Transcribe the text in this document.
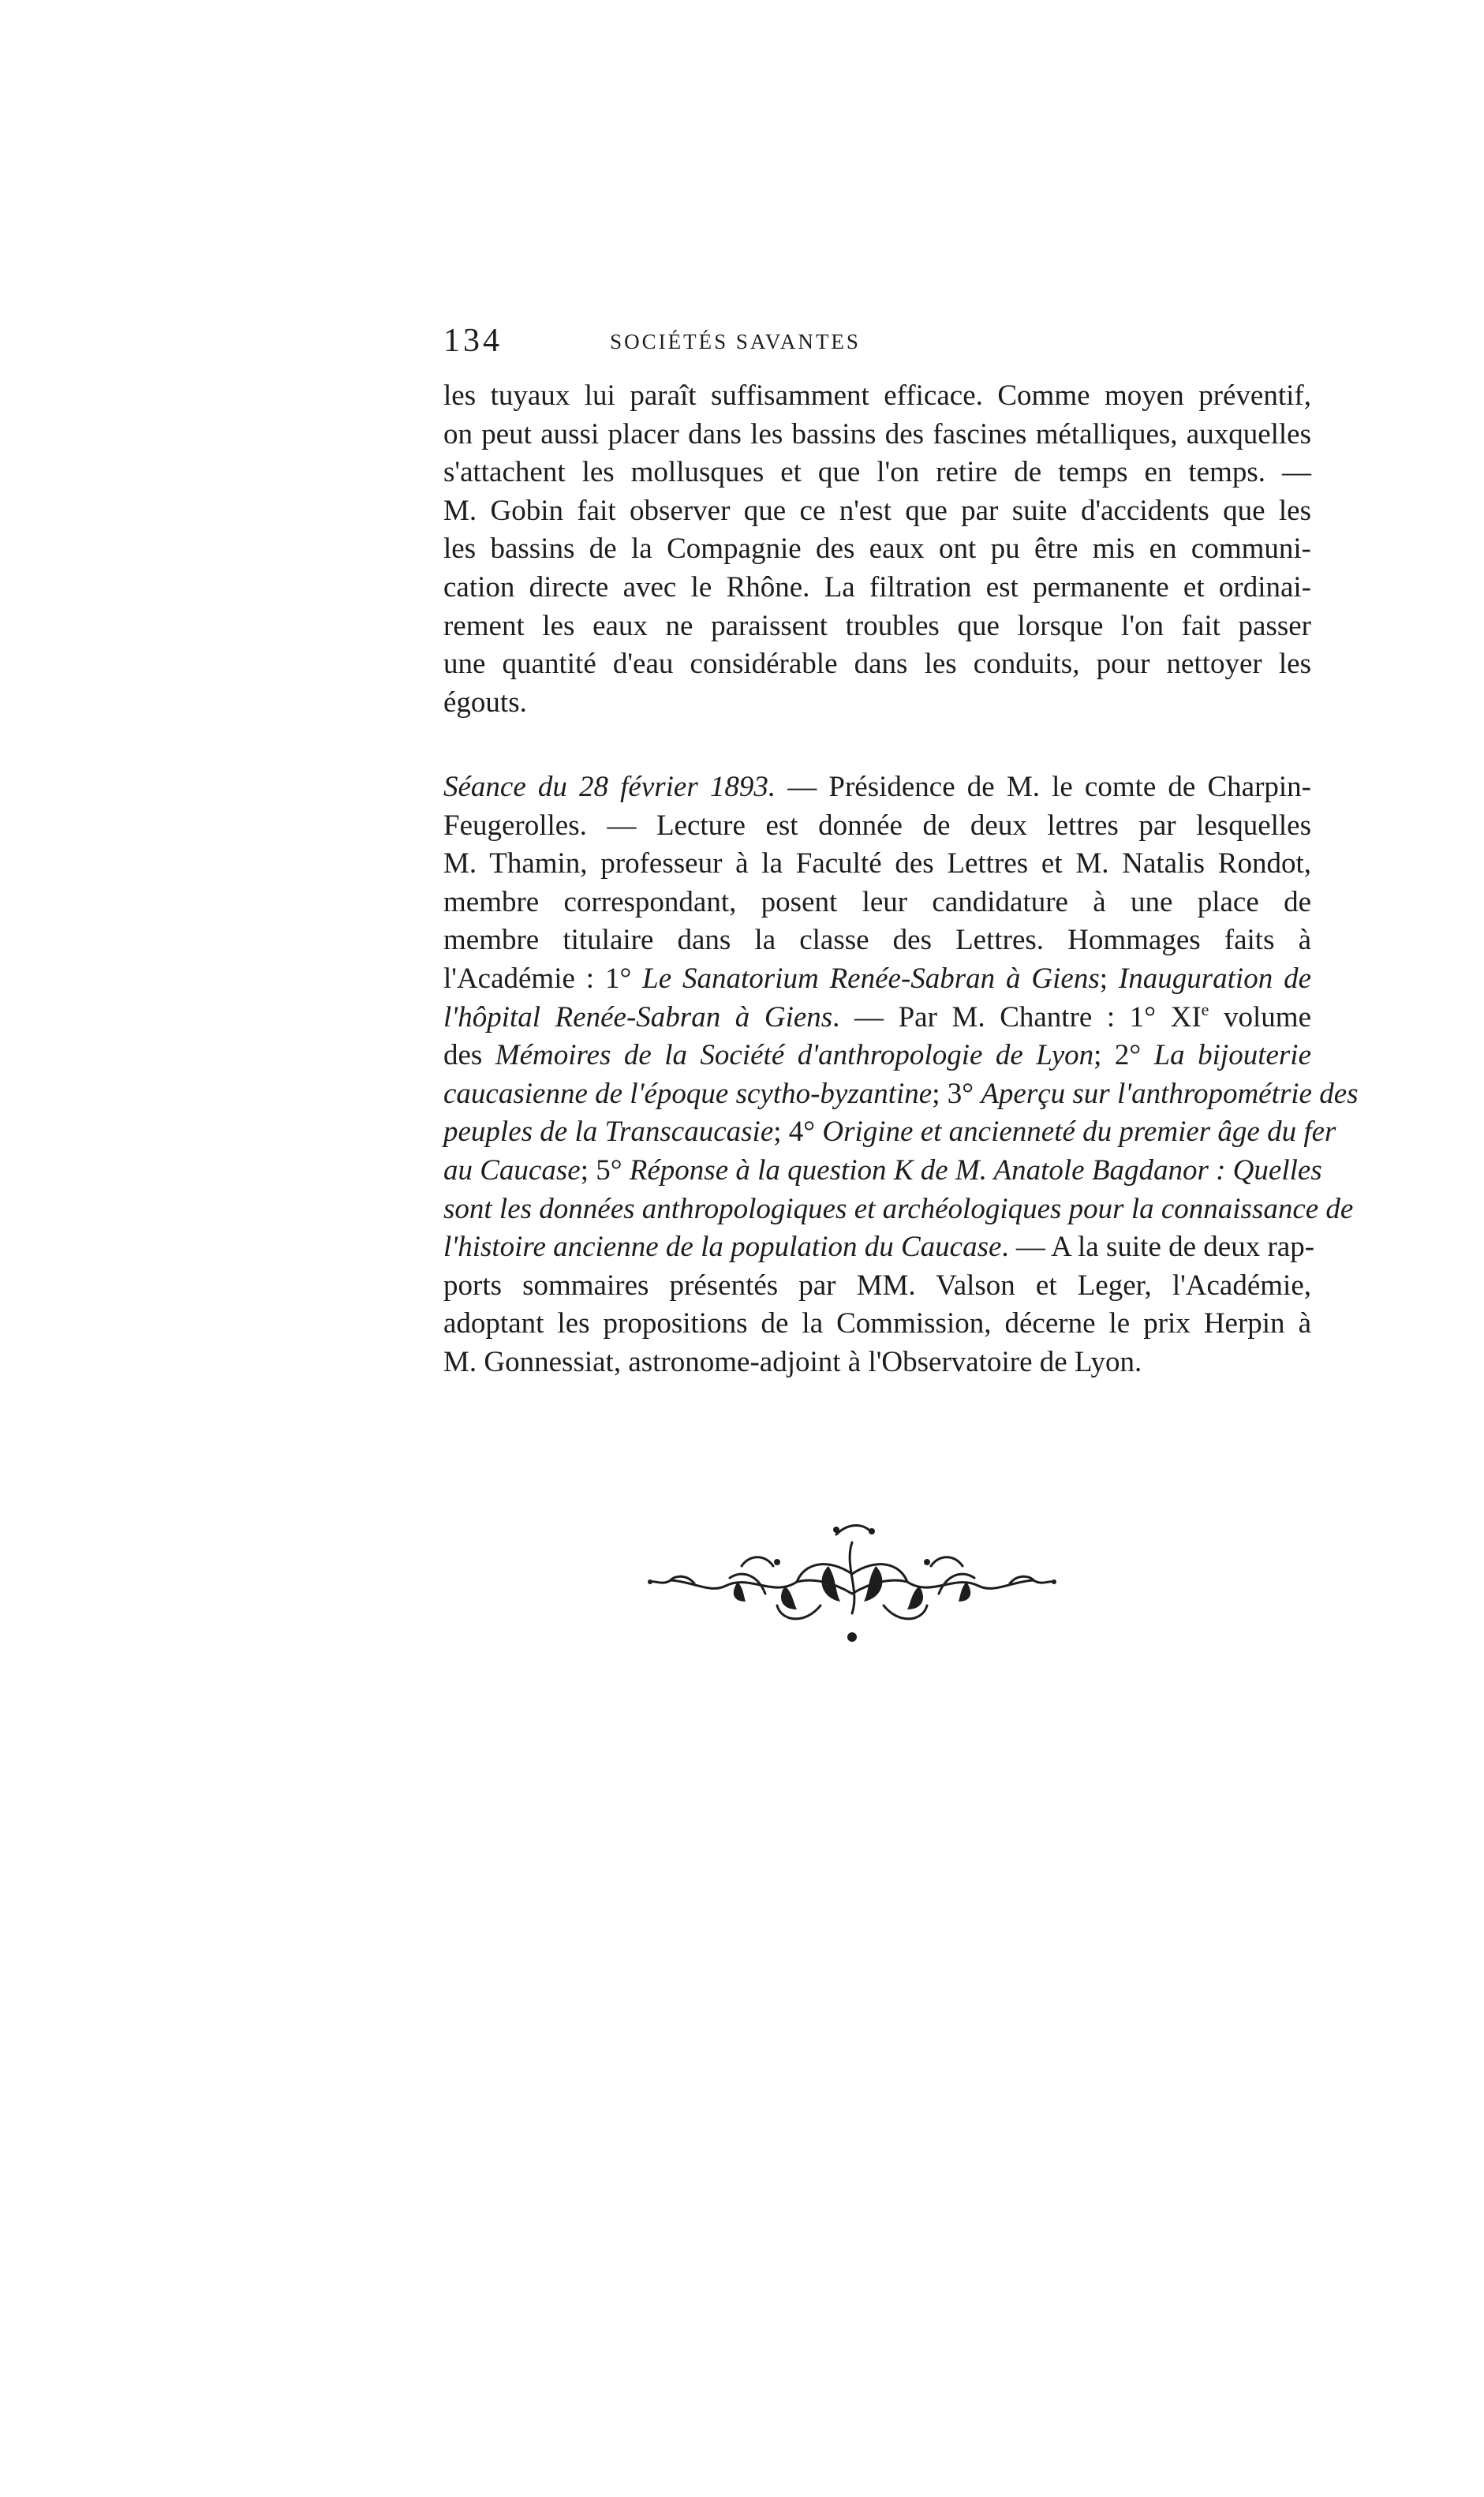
134	SOCIÉTÉS SAVANTES
les tuyaux lui paraît suffisamment efficace. Comme moyen préventif,
on peut aussi placer dans les bassins des fascines métalliques, auxquelles
s'attachent les mollusques et que l'on retire de temps en temps. —
M. Gobin fait observer que ce n'est que par suite d'accidents que les
les bassins de la Compagnie des eaux ont pu être mis en communi-
cation directe avec le Rhône. La filtration est permanente et ordinai-
rement les eaux ne paraissent troubles que lorsque l'on fait passer
une quantité d'eau considérable dans les conduits, pour nettoyer les
égouts.
Séance du 28 février 1893. — Présidence de M. le comte de Charpin-
Feugerolles. — Lecture est donnée de deux lettres par lesquelles
M. Thamin, professeur à la Faculté des Lettres et M. Natalis Rondot,
membre correspondant, posent leur candidature à une place de
membre titulaire dans la classe des Lettres. Hommages faits à
l'Académie : 1° Le Sanatorium Renée-Sabran à Giens; Inauguration de
l'hôpital Renée-Sabran à Giens. — Par M. Chantre : 1° XIe volume
des Mémoires de la Société d'anthropologie de Lyon; 2° La bijouterie
caucasienne de l'époque scytho-byzantine; 3° Aperçu sur l'anthropométrie des
peuples de la Transcaucasie; 4° Origine et ancienneté du premier âge du fer
au Caucase; 5° Réponse à la question K de M. Anatole Bagdanor : Quelles
sont les données anthropologiques et archéologiques pour la connaissance de
l'histoire ancienne de la population du Caucase. — A la suite de deux rap-
ports sommaires présentés par MM. Valson et Leger, l'Académie,
adoptant les propositions de la Commission, décerne le prix Herpin à
M. Gonnessiat, astronome-adjoint à l'Observatoire de Lyon.
